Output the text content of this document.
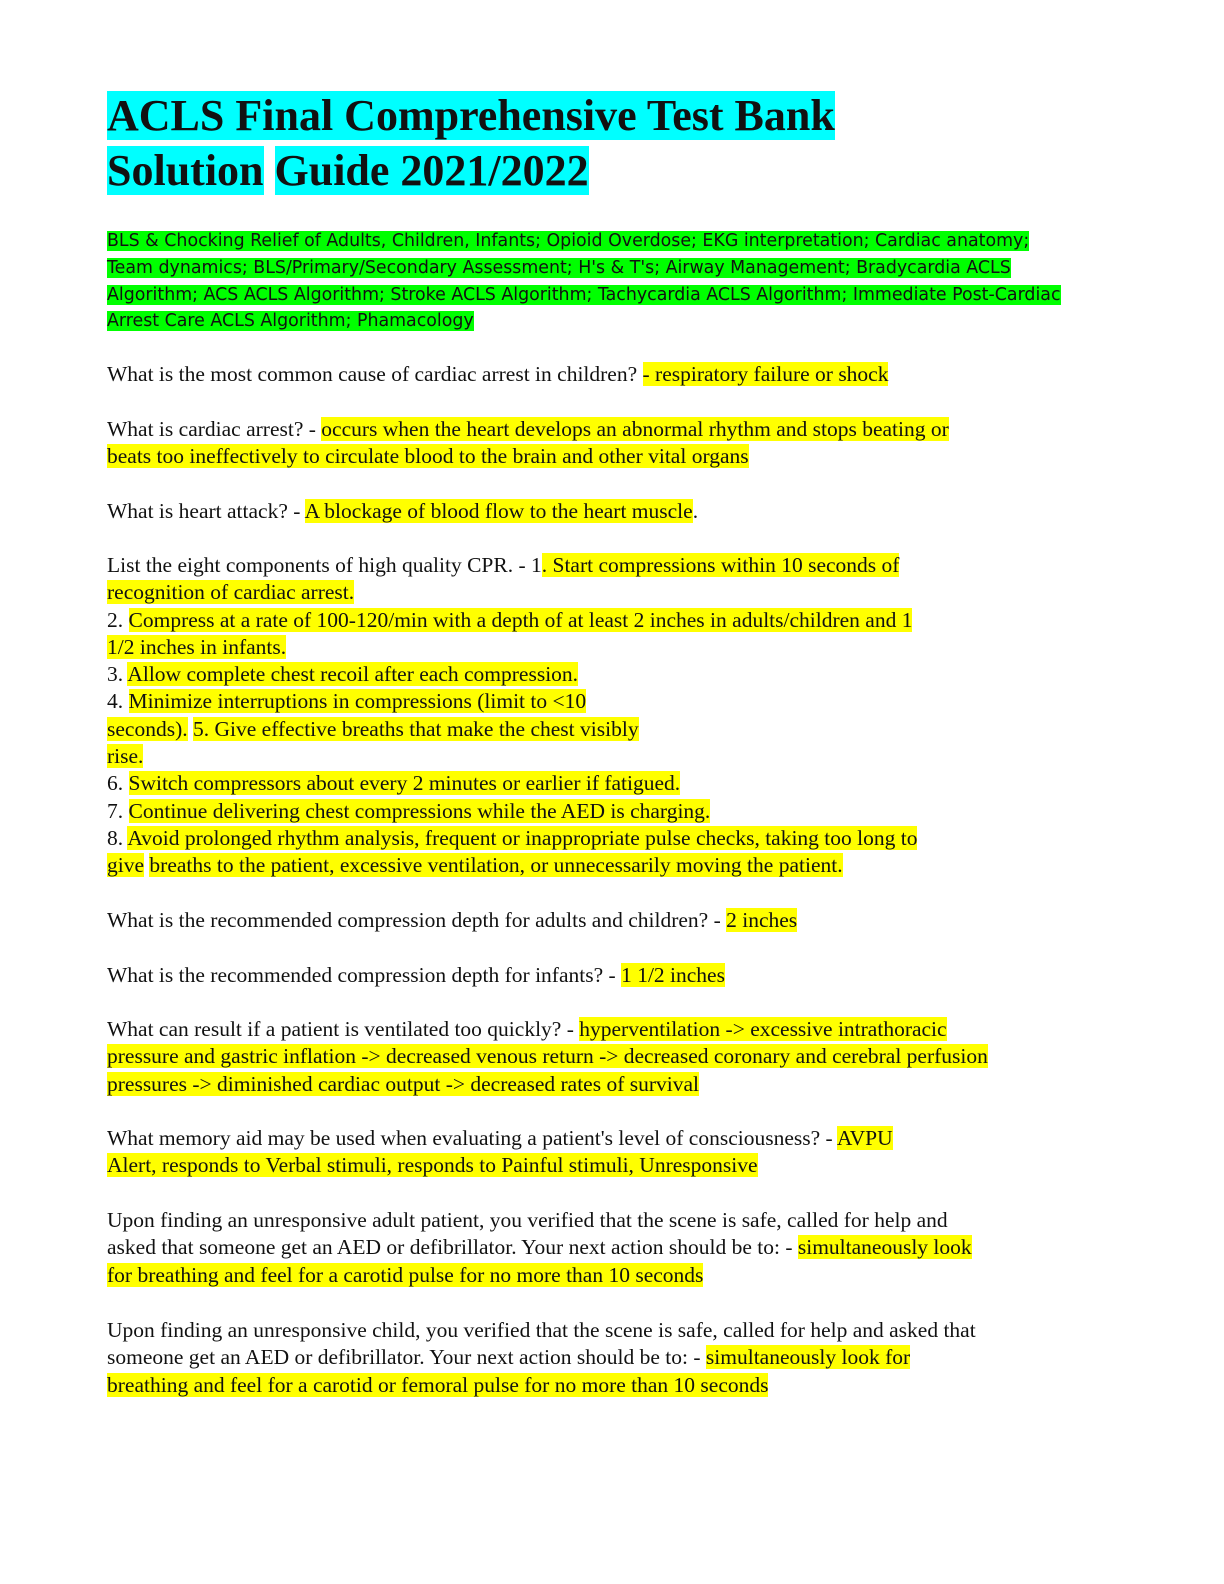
ACLS Final Comprehensive Test Bank
Solution Guide 2021/2022

BLS & Chocking Relief of Adults, Children, Infants; Opioid Overdose; EKG interpretation; Cardiac anatomy;
Team dynamics; BLS/Primary/Secondary Assessment; H's & T's; Airway Management; Bradycardia ACLS
Algorithm; ACS ACLS Algorithm; Stroke ACLS Algorithm; Tachycardia ACLS Algorithm; Immediate Post-Cardiac
Arrest Care ACLS Algorithm; Phamacology

What is the most common cause of cardiac arrest in children? - respiratory failure or shock

What is cardiac arrest? - occurs when the heart develops an abnormal rhythm and stops beating or
beats too ineffectively to circulate blood to the brain and other vital organs

What is heart attack? - A blockage of blood flow to the heart muscle.

List the eight components of high quality CPR. - 1. Start compressions within 10 seconds of
recognition of cardiac arrest.
2. Compress at a rate of 100-120/min with a depth of at least 2 inches in adults/children and 1
1/2 inches in infants.
3. Allow complete chest recoil after each compression.
4. Minimize interruptions in compressions (limit to <10
seconds). 5. Give effective breaths that make the chest visibly
rise.
6. Switch compressors about every 2 minutes or earlier if fatigued.
7. Continue delivering chest compressions while the AED is charging.
8. Avoid prolonged rhythm analysis, frequent or inappropriate pulse checks, taking too long to
give breaths to the patient, excessive ventilation, or unnecessarily moving the patient.

What is the recommended compression depth for adults and children? - 2 inches

What is the recommended compression depth for infants? - 1 1/2 inches

What can result if a patient is ventilated too quickly? - hyperventilation -> excessive intrathoracic
pressure and gastric inflation -> decreased venous return -> decreased coronary and cerebral perfusion
pressures -> diminished cardiac output -> decreased rates of survival

What memory aid may be used when evaluating a patient's level of consciousness? - AVPU
Alert, responds to Verbal stimuli, responds to Painful stimuli, Unresponsive

Upon finding an unresponsive adult patient, you verified that the scene is safe, called for help and
asked that someone get an AED or defibrillator. Your next action should be to: - simultaneously look
for breathing and feel for a carotid pulse for no more than 10 seconds

Upon finding an unresponsive child, you verified that the scene is safe, called for help and asked that
someone get an AED or defibrillator. Your next action should be to: - simultaneously look for
breathing and feel for a carotid or femoral pulse for no more than 10 seconds
